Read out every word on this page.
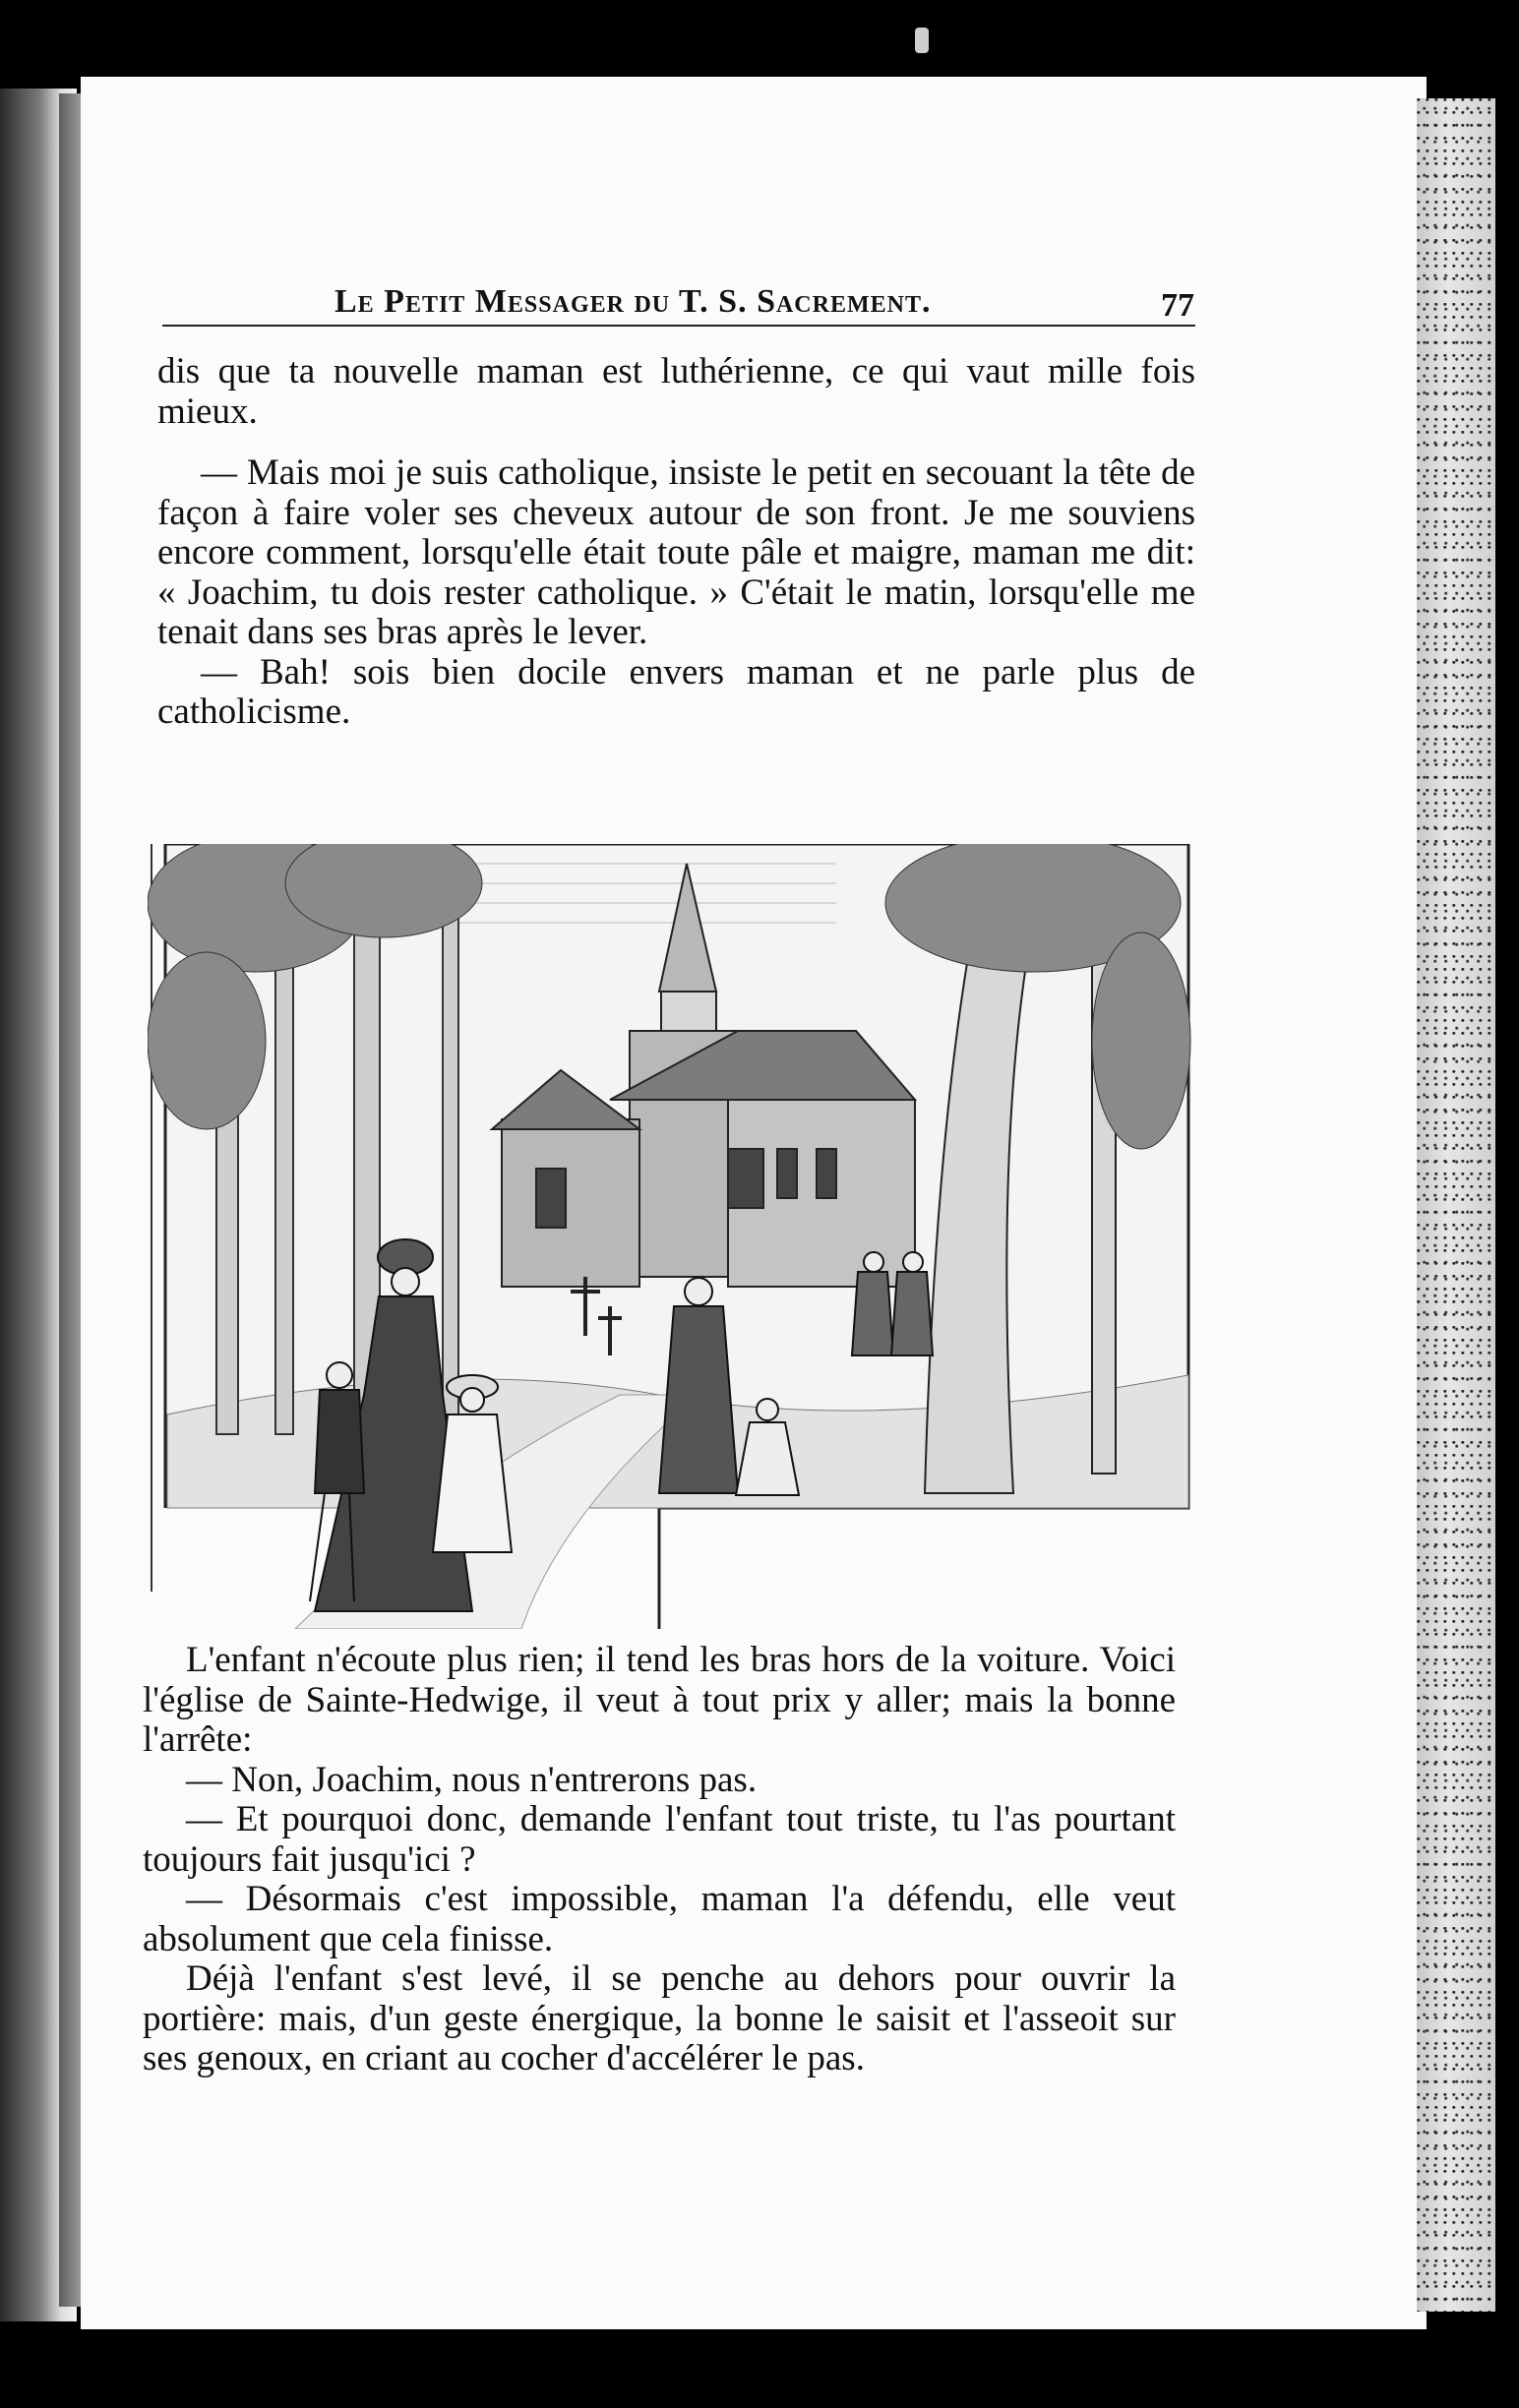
Le Petit Messager du T. S. Sacrement.	77

dis que ta nouvelle maman est luthérienne, ce qui vaut mille fois mieux.

— Mais moi je suis catholique, insiste le petit en secouant la tête de façon à faire voler ses cheveux autour de son front. Je me souviens encore comment, lorsqu'elle était toute pâle et maigre, maman me dit: « Joachim, tu dois rester catholique. » C'était le matin, lorsqu'elle me tenait dans ses bras après le lever.

— Bah! sois bien docile envers maman et ne parle plus de catholicisme.

L'enfant n'écoute plus rien; il tend les bras hors de la voiture. Voici l'église de Sainte-Hedwige, il veut à tout prix y aller; mais la bonne l'arrête:

— Non, Joachim, nous n'entrerons pas.

— Et pourquoi donc, demande l'enfant tout triste, tu l'as pourtant toujours fait jusqu'ici ?

— Désormais c'est impossible, maman l'a défendu, elle veut absolument que cela finisse.

Déjà l'enfant s'est levé, il se penche au dehors pour ouvrir la portière: mais, d'un geste énergique, la bonne le saisit et l'asseoit sur ses genoux, en criant au cocher d'accélérer le pas.
